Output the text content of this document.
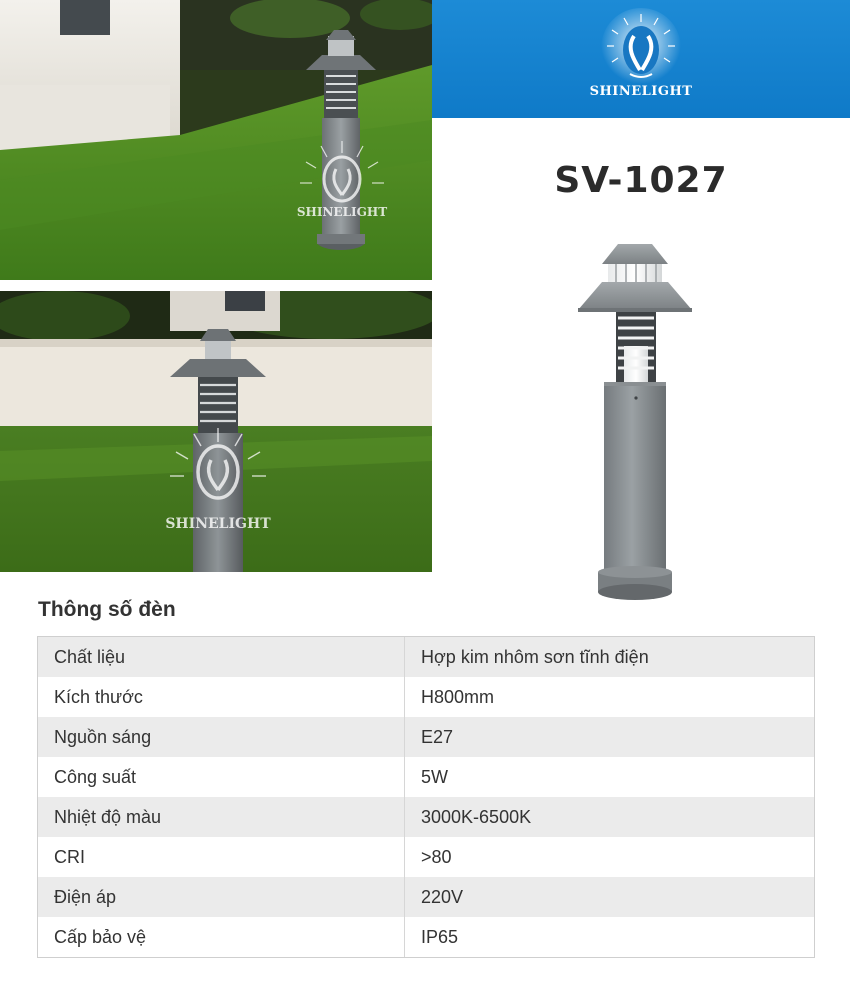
SHINELIGHT
SHINELIGHT
SV-1027
SHINELIGHT
Thông số đèn
Chất liệu	Hợp kim nhôm sơn tĩnh điện
Kích thước	H800mm
Nguồn sáng	E27
Công suất	5W
Nhiệt độ màu	3000K-6500K
CRI	>80
Điện áp	220V
Cấp bảo vệ	IP65
